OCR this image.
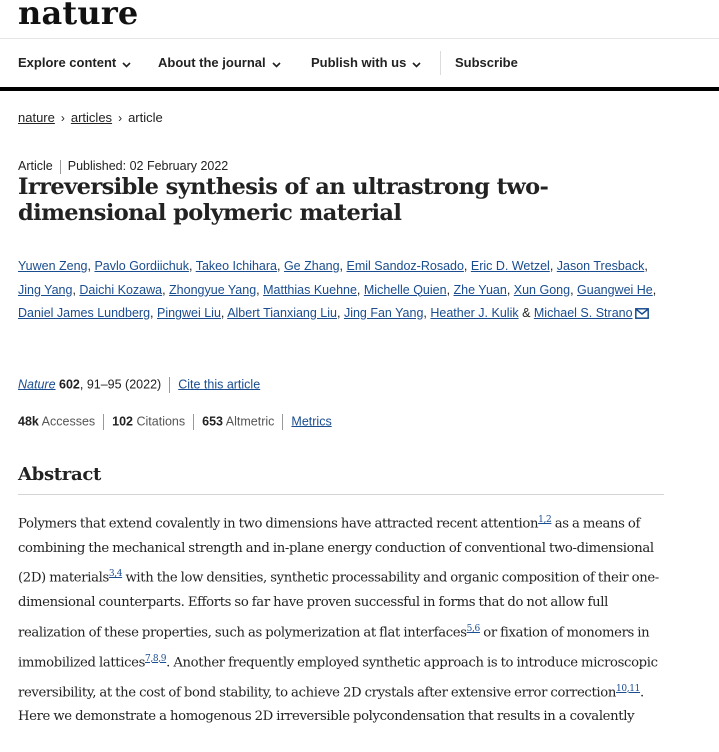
nature
Explore content	About the journal	Publish with us	Subscribe
nature › articles › article
Article Published: 02 February 2022
Irreversible synthesis of an ultrastrong two-dimensional polymeric material
Yuwen Zeng, Pavlo Gordiichuk, Takeo Ichihara, Ge Zhang, Emil Sandoz-Rosado, Eric D. Wetzel, Jason Tresback, Jing Yang, Daichi Kozawa, Zhongyue Yang, Matthias Kuehne, Michelle Quien, Zhe Yuan, Xun Gong, Guangwei He, Daniel James Lundberg, Pingwei Liu, Albert Tianxiang Liu, Jing Fan Yang, Heather J. Kulik & Michael S. Strano
Nature 602, 91–95 (2022) Cite this article
48k Accesses 102 Citations 653 Altmetric Metrics
Abstract

Polymers that extend covalently in two dimensions have attracted recent attention$^{1,2}$ as a means of combining the mechanical strength and in-plane energy conduction of conventional two-dimensional (2D) materials$^{3,4}$ with the low densities, synthetic processability and organic composition of their one-dimensional counterparts. Efforts so far have proven successful in forms that do not allow full realization of these properties, such as polymerization at flat interfaces$^{5,6}$ or fixation of monomers in immobilized lattices$^{7,8,9}$. Another frequently employed synthetic approach is to introduce microscopic reversibility, at the cost of bond stability, to achieve 2D crystals after extensive error correction$^{10,11}$. Here we demonstrate a homogenous 2D irreversible polycondensation that results in a covalently
